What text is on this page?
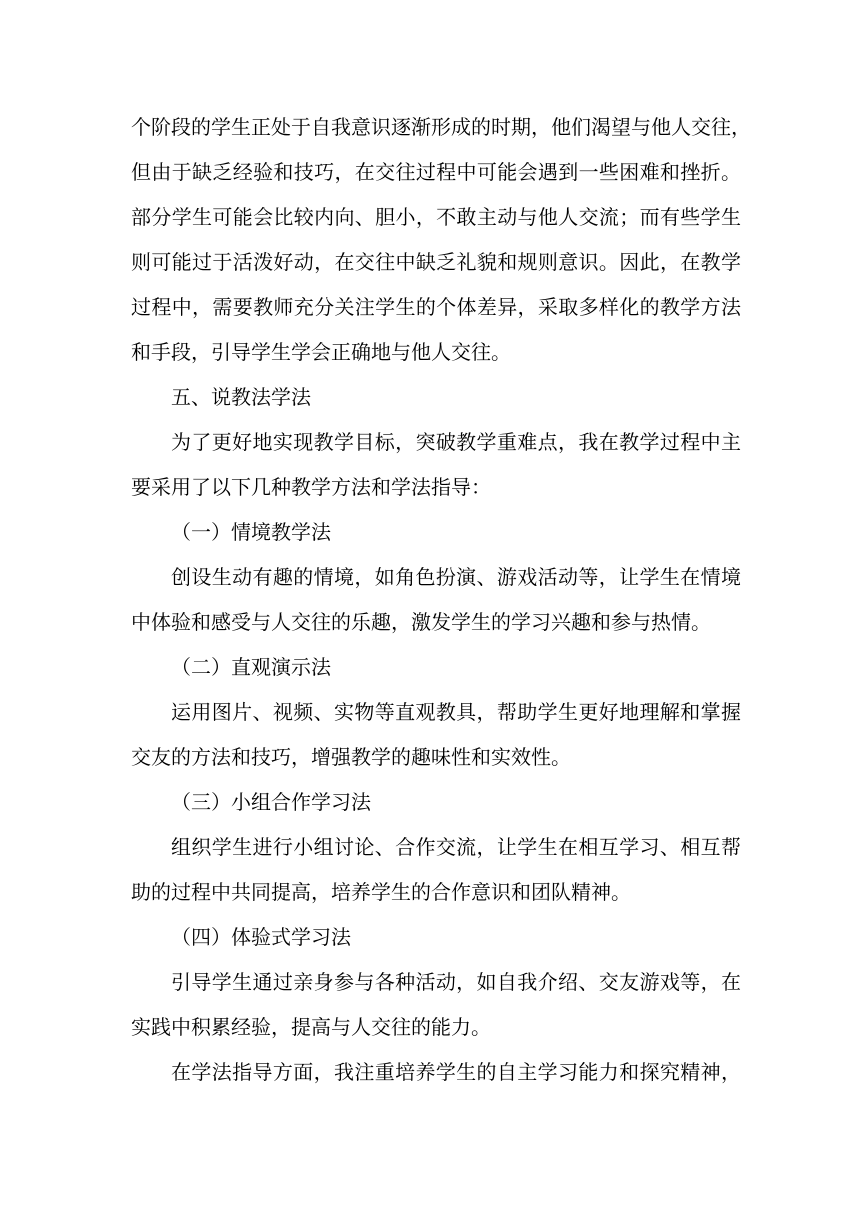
个阶段的学生正处于自我意识逐渐形成的时期，他们渴望与他人交往，
但由于缺乏经验和技巧，在交往过程中可能会遇到一些困难和挫折。
部分学生可能会比较内向、胆小，不敢主动与他人交流；而有些学生
则可能过于活泼好动，在交往中缺乏礼貌和规则意识。因此，在教学
过程中，需要教师充分关注学生的个体差异，采取多样化的教学方法
和手段，引导学生学会正确地与他人交往。
五、说教法学法
为了更好地实现教学目标，突破教学重难点，我在教学过程中主
要采用了以下几种教学方法和学法指导：
（一）情境教学法
创设生动有趣的情境，如角色扮演、游戏活动等，让学生在情境
中体验和感受与人交往的乐趣，激发学生的学习兴趣和参与热情。
（二）直观演示法
运用图片、视频、实物等直观教具，帮助学生更好地理解和掌握
交友的方法和技巧，增强教学的趣味性和实效性。
（三）小组合作学习法
组织学生进行小组讨论、合作交流，让学生在相互学习、相互帮
助的过程中共同提高，培养学生的合作意识和团队精神。
（四）体验式学习法
引导学生通过亲身参与各种活动，如自我介绍、交友游戏等，在
实践中积累经验，提高与人交往的能力。
在学法指导方面，我注重培养学生的自主学习能力和探究精神，
